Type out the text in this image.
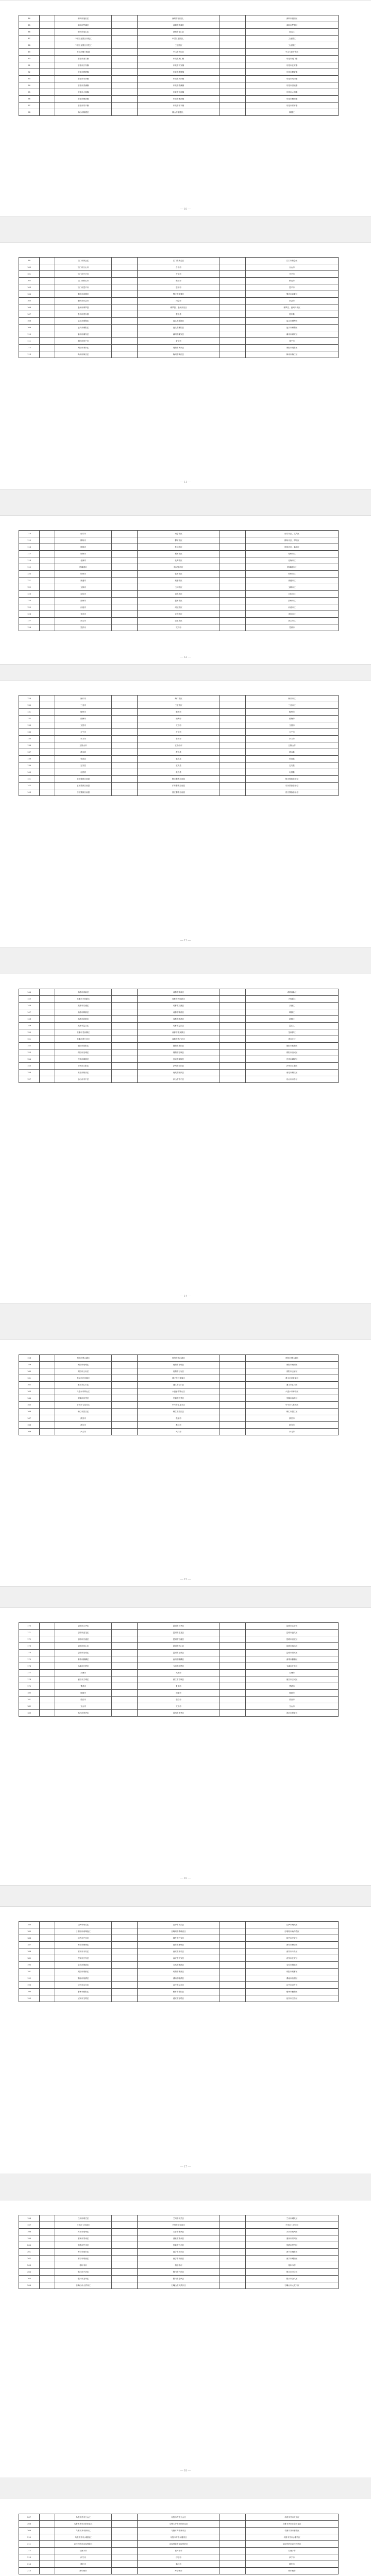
84		深圳市福田区		深圳市福田区、		深圳市福田区
85		深圳市罗湖区		深圳市罗湖区		深圳市罗湖区
86		深圳市南山区		深圳市南山区		南山区
87		中国工业园区开发区		中国工业园区、		工业园区
88		中国工业园区开发区		工业园区		工业园区
89		中山市横门街道		中山市火炬区		中山火炬开发区
90		东莞市虎门镇		东莞市虎门镇		东莞市虎门镇
91		东莞市长安镇		东莞市长安镇		东莞市长安镇
92		东莞市塘厦镇		东莞市塘厦镇		东莞市塘厦镇
93		东莞市凤岗镇		东莞市凤岗镇		东莞市凤岗镇
94		东莞市清溪镇		东莞市清溪镇		东莞市清溪镇
95		东莞市大朗镇		东莞市大朗镇		东莞市大朗镇
96		东莞市横沥镇		东莞市横沥镇		东莞市横沥镇
97		东莞市常平镇		东莞市常平镇		东莞市常平镇
98		佛山市顺德区		佛山市顺德区、		顺德区
— 10 —
99		江门市新会区		江门市新会区		江门市新会区
100		江门市台山市		台山市		台山市
101		江门市开平市		开平市		开平市
102		江门市鹤山市		鹤山市		鹤山市
103		江门市恩平市		恩平市		恩平市
104		肇庆市高要区		肇庆市高要区		肇庆市高要区
105		肇庆市四会市		四会市		四会市
106		惠州市博罗县		博罗县、惠州开发区		博罗县、惠州开发区
107		惠州市惠东县		惠东县		惠东县
108		汕头市澄海区		汕头市澄海区		汕头市澄海区
109		汕头市潮阳区		汕头市潮阳区		汕头市潮阳区
110		潮州市潮安区		潮州市潮安区		潮州市潮安区
111		揭阳市普宁市		普宁市		普宁市
112		揭阳市揭东区		揭阳市揭东区		揭阳市揭东区
113		梅州市梅江区		梅州市梅江区		梅州市梅江区
— 11 —
114		南宁市		南宁市区		南宁市区、武鸣区
115		柳州市		柳州市区		柳州市区、柳江区
116		桂林市		桂林市区		桂林市区、临桂区
117		梧州市		梧州市区		梧州市区
118		北海市		北海市区		北海市区
119		防城港市		防城港市区		防城港市区
120		钦州市		钦州市区		钦州市区
121		贵港市		贵港市区		贵港市区
122		玉林市		玉林市区		玉林市区
123		百色市		百色市区		百色市区
124		贺州市		贺州市区		贺州市区
125		河池市		河池市区		河池市区
126		来宾市		来宾市区		来宾市区
127		崇左市		崇左市区		崇左市区
128		凭祥市		凭祥市		凭祥市
— 12 —
129		海口市		海口市区		海口市区
130		三亚市		三亚市区		三亚市区
131		儋州市		儋州市		儋州市
132		琼海市		琼海市		琼海市
133		文昌市		文昌市		文昌市
134		万宁市		万宁市		万宁市
135		东方市		东方市		东方市
136		五指山市		五指山市		五指山市
137		澄迈县		澄迈县		澄迈县
138		临高县		临高县		临高县
139		定安县		定安县		定安县
140		屯昌县		屯昌县		屯昌县
141		陵水黎族自治县		陵水黎族自治县		陵水黎族自治县
142		乐东黎族自治县		乐东黎族自治县		乐东黎族自治县
143		昌江黎族自治县		昌江黎族自治县		昌江黎族自治县
— 13 —
144		成都市高新区		成都市高新区		成都高新区
145		成都市天府新区		成都市天府新区		天府新区
146		成都市双流区		成都市双流区		双流区
147		成都市郫都区		成都市郫都区		郫都区
148		成都市新都区		成都市新都区		新都区
149		成都市温江区		成都市温江区		温江区
150		成都市龙泉驿区		成都市龙泉驿区		龙泉驿区
151		成都市青白江区		成都市青白江区		青白江区
152		德阳市旌阳区		德阳市旌阳区		德阳市旌阳区
153		绵阳市涪城区		绵阳市涪城区		绵阳市涪城区
154		宜宾市翠屏区		宜宾市翠屏区		宜宾市翠屏区
155		泸州市江阳区		泸州市江阳区		泸州市江阳区
156		南充市顺庆区		南充市顺庆区		南充市顺庆区
157		乐山市市中区		乐山市市中区		乐山市市中区
— 14 —
158		贵阳市观山湖区		贵阳市观山湖区		贵阳市观山湖区
159		贵阳市南明区		贵阳市南明区		贵阳市南明区
160		贵阳市云岩区		贵阳市云岩区		贵阳市云岩区
161		遵义市红花岗区		遵义市红花岗区		遵义市红花岗区
162		遵义市汇川区		遵义市汇川区		遵义市汇川区
163		六盘水市钟山区		六盘水市钟山区		六盘水市钟山区
164		安顺市西秀区		安顺市西秀区		安顺市西秀区
165		毕节市七星关区		毕节市七星关区		毕节市七星关区
166		铜仁市碧江区		铜仁市碧江区		铜仁市碧江区
167		凯里市		凯里市		凯里市
168		都匀市		都匀市		都匀市
169		兴义市		兴义市		兴义市
— 15 —
170		昆明市五华区		昆明市五华区		昆明市五华区
171		昆明市盘龙区		昆明市盘龙区		昆明市盘龙区
172		昆明市官渡区		昆明市官渡区		昆明市官渡区
173		昆明市西山区		昆明市西山区		昆明市西山区
174		昆明市呈贡区		昆明市呈贡区		昆明市呈贡区
175		曲靖市麒麟区		曲靖市麒麟区		曲靖市麒麟区
176		玉溪市红塔区		玉溪市红塔区		玉溪市红塔区
177		大理市		大理市		大理市
178		丽江市古城区		丽江市古城区		丽江市古城区
179		景洪市		景洪市		景洪市
180		瑞丽市		瑞丽市		瑞丽市
181		蒙自市		蒙自市		蒙自市
182		文山市		文山市		文山市
183		普洱市思茅区		普洱市思茅区		普洱市思茅区
— 16 —
184		拉萨市城关区		拉萨市城关区		拉萨市城关区
185		日喀则市桑珠孜区		日喀则市桑珠孜区		日喀则市桑珠孜区
186		林芝市巴宜区		林芝市巴宜区		林芝市巴宜区
187		西安市雁塔区		西安市雁塔区		西安市雁塔区
188		西安市未央区		西安市未央区		西安市未央区
189		西安市长安区		西安市长安区		西安市长安区
190		宝鸡市渭滨区		宝鸡市渭滨区		宝鸡市渭滨区
191		咸阳市秦都区		咸阳市秦都区		咸阳市秦都区
192		渭南市临渭区		渭南市临渭区		渭南市临渭区
193		汉中市汉台区		汉中市汉台区		汉中市汉台区
194		榆林市榆阳区		榆林市榆阳区		榆林市榆阳区
195		延安市宝塔区		延安市宝塔区		延安市宝塔区
— 17 —
196		兰州市城关区		兰州市城关区		兰州市城关区
197		兰州市七里河区		兰州市七里河区		兰州市七里河区
198		天水市秦州区		天水市秦州区		天水市秦州区
199		酒泉市肃州区		酒泉市肃州区		酒泉市肃州区
200		张掖市甘州区		张掖市甘州区		张掖市甘州区
201		西宁市城东区		西宁市城东区		西宁市城东区
202		西宁市城西区		西宁市城西区		西宁市城西区
203		格尔木市		格尔木市		格尔木市
204		银川市兴庆区		银川市兴庆区		银川市兴庆区
205		银川市金凤区		银川市金凤区		银川市金凤区
206		石嘴山市大武口区		石嘴山市大武口区		石嘴山市大武口区
— 18 —
207		乌鲁木齐市天山区		乌鲁木齐市天山区		乌鲁木齐市天山区
208		乌鲁木齐市沙依巴克区		乌鲁木齐市沙依巴克区		乌鲁木齐市沙依巴克区
209		乌鲁木齐市新市区		乌鲁木齐市新市区		乌鲁木齐市新市区
210		乌鲁木齐市水磨沟区		乌鲁木齐市水磨沟区		乌鲁木齐市水磨沟区
211		克拉玛依市克拉玛依区		克拉玛依市克拉玛依区		克拉玛依市克拉玛依区
212		石河子市		石河子市		石河子市
213		伊宁市		伊宁市		伊宁市
214		喀什市		喀什市		喀什市
215		库尔勒市		库尔勒市		库尔勒市
